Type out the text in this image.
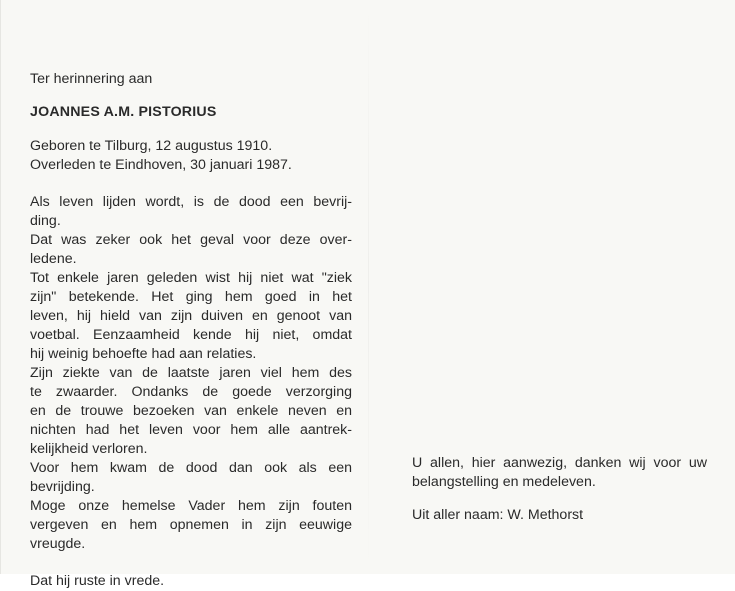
Ter herinnering aan
JOANNES A.M. PISTORIUS
Geboren te Tilburg, 12 augustus 1910.
Overleden te Eindhoven, 30 januari 1987.
Als leven lijden wordt, is de dood een bevrij-
ding.
Dat was zeker ook het geval voor deze over-
ledene.
Tot enkele jaren geleden wist hij niet wat "ziek
zijn" betekende. Het ging hem goed in het
leven, hij hield van zijn duiven en genoot van
voetbal. Eenzaamheid kende hij niet, omdat
hij weinig behoefte had aan relaties.
Zijn ziekte van de laatste jaren viel hem des
te zwaarder. Ondanks de goede verzorging
en de trouwe bezoeken van enkele neven en
nichten had het leven voor hem alle aantrek-
kelijkheid verloren.
Voor hem kwam de dood dan ook als een
bevrijding.
Moge onze hemelse Vader hem zijn fouten
vergeven en hem opnemen in zijn eeuwige
vreugde.
Dat hij ruste in vrede.
U allen, hier aanwezig, danken wij voor uw
belangstelling en medeleven.
Uit aller naam: W. Methorst
